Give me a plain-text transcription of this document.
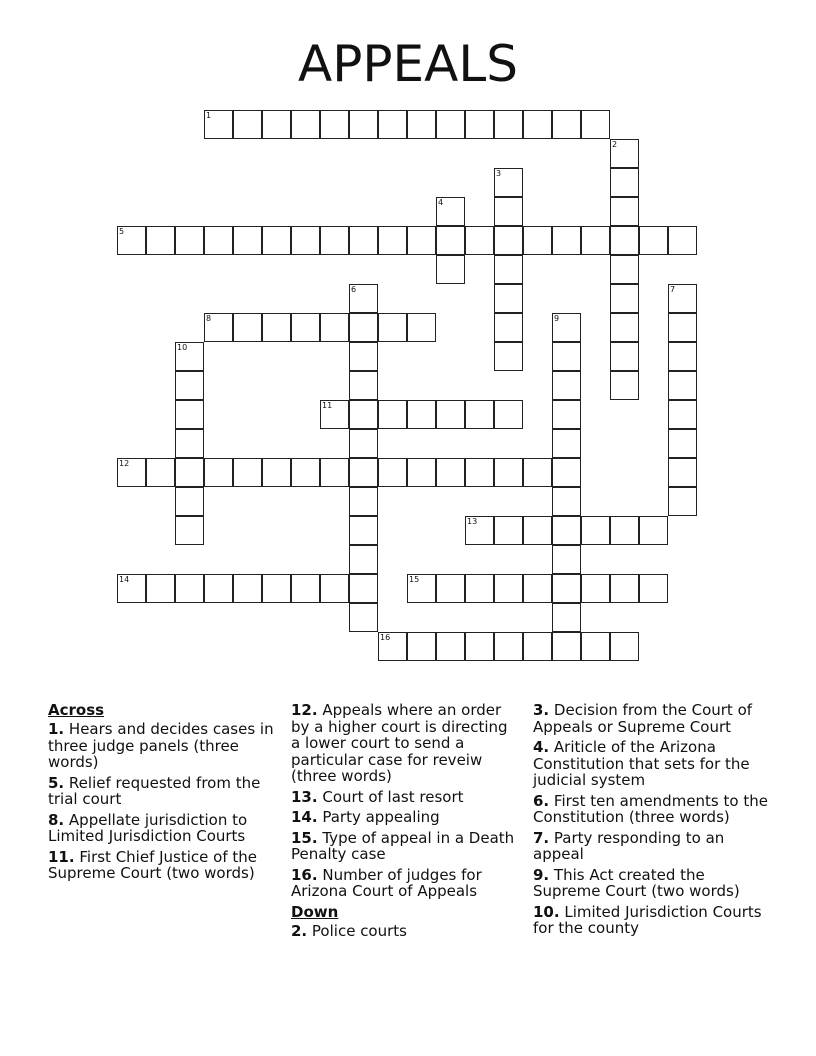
APPEALS
1
5
8
11
12
13
14	15
16
2
3
4
6	7
9
10
Across
1. Hears and decides cases in three judge panels (three words)
5. Relief requested from the trial court
8. Appellate jurisdiction to Limited Jurisdiction Courts
11. First Chief Justice of the Supreme Court (two words)
12. Appeals where an order by a higher court is directing a lower court to send a particular case for reveiw (three words)
13. Court of last resort
14. Party appealing
15. Type of appeal in a Death Penalty case
16. Number of judges for Arizona Court of Appeals
Down
2. Police courts
3. Decision from the Court of Appeals or Supreme Court
4. Ariticle of the Arizona Constitution that sets for the judicial system
6. First ten amendments to the Constitution (three words)
7. Party responding to an appeal
9. This Act created the Supreme Court (two words)
10. Limited Jurisdiction Courts for the county
